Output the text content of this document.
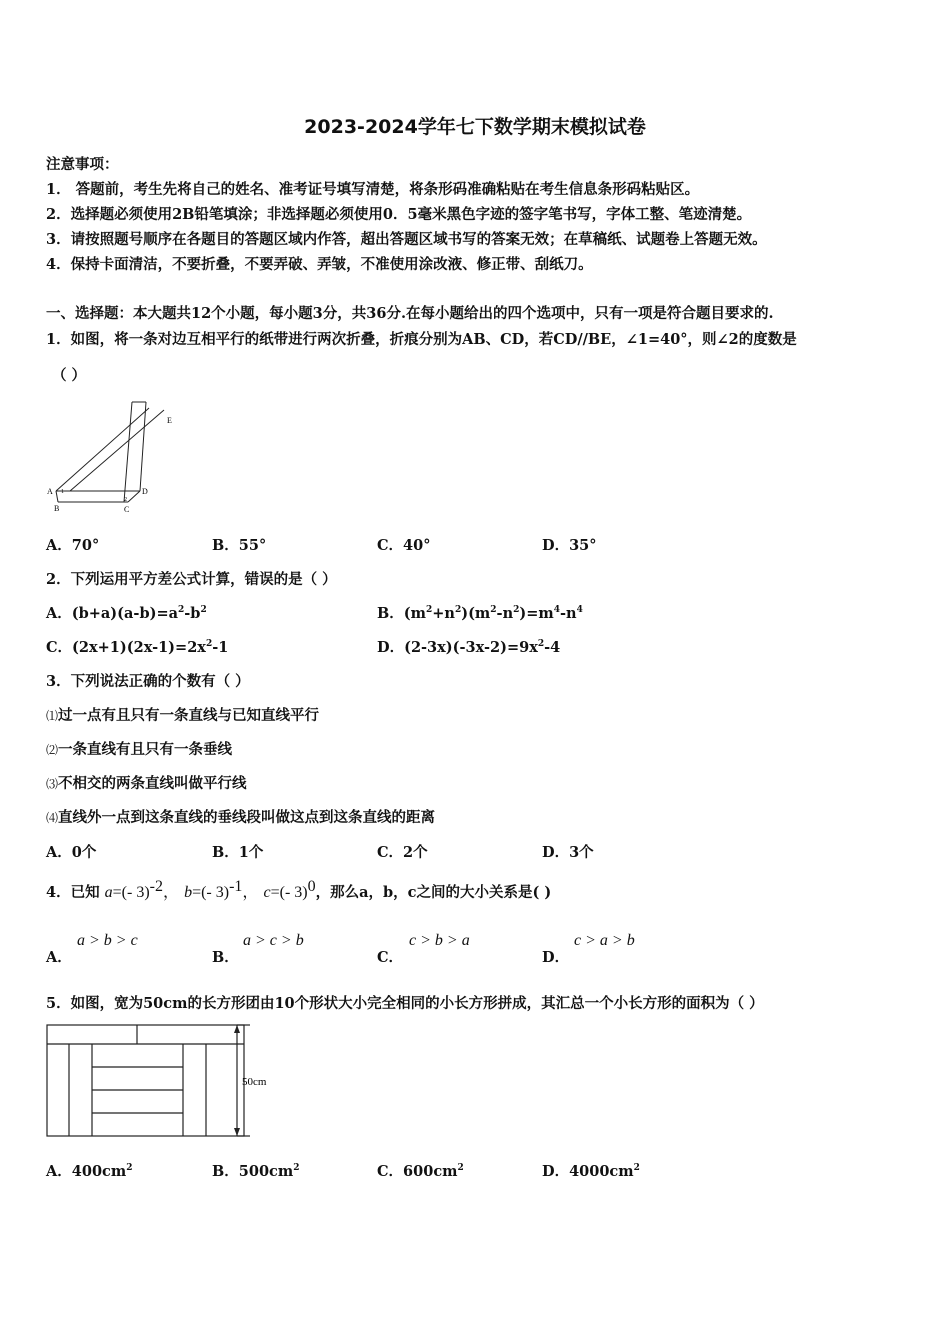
2023-2024学年七下数学期末模拟试卷
注意事项：
1． 答题前，考生先将自己的姓名、准考证号填写清楚，将条形码准确粘贴在考生信息条形码粘贴区。
2．选择题必须使用2B铅笔填涂；非选择题必须使用0．5毫米黑色字迹的签字笔书写，字体工整、笔迹清楚。
3．请按照题号顺序在各题目的答题区域内作答，超出答题区域书写的答案无效；在草稿纸、试题卷上答题无效。
4．保持卡面清洁，不要折叠，不要弄破、弄皱，不准使用涂改液、修正带、刮纸刀。
一、选择题：本大题共12个小题，每小题3分，共36分.在每小题给出的四个选项中，只有一项是符合题目要求的.
1．如图，将一条对边互相平行的纸带进行两次折叠，折痕分别为AB、CD，若CD//BE，∠1=40°，则∠2的度数是
（ ）
E
A 1	D
B
2
C
A．70°	B．55°	C．40°	D．35°
2．下列运用平方差公式计算，错误的是（ ）
A．$(b+a)(a-b)=a^2-b^2$	B．$(m^2+n^2)(m^2-n^2)=m^4-n^4$
C．$(2x+1)(2x-1)=2x^2-1$	D．$(2-3x)(-3x-2)=9x^2-4$
3．下列说法正确的个数有（ ）
⑴过一点有且只有一条直线与已知直线平行
⑵一条直线有且只有一条垂线
⑶不相交的两条直线叫做平行线
⑷直线外一点到这条直线的垂线段叫做这点到这条直线的距离
A．0个	B．1个	C．2个	D．3个
4．已知 a=(- 3)$^{-2}$， b=(- 3)$^{-1}$， c=(- 3)$^0$，那么a，b，c之间的大小关系是( )
A．
a > b > c
B．
a > c > b
C．
c > b > a
D．
c > a > b
5．如图，宽为50cm的长方形团由10个形状大小完全相同的小长方形拼成，其汇总一个小长方形的面积为（ ）
50cm
A．$400cm^2$	B．$500cm^2$	C．$600cm^2$	D．$4000cm^2$
